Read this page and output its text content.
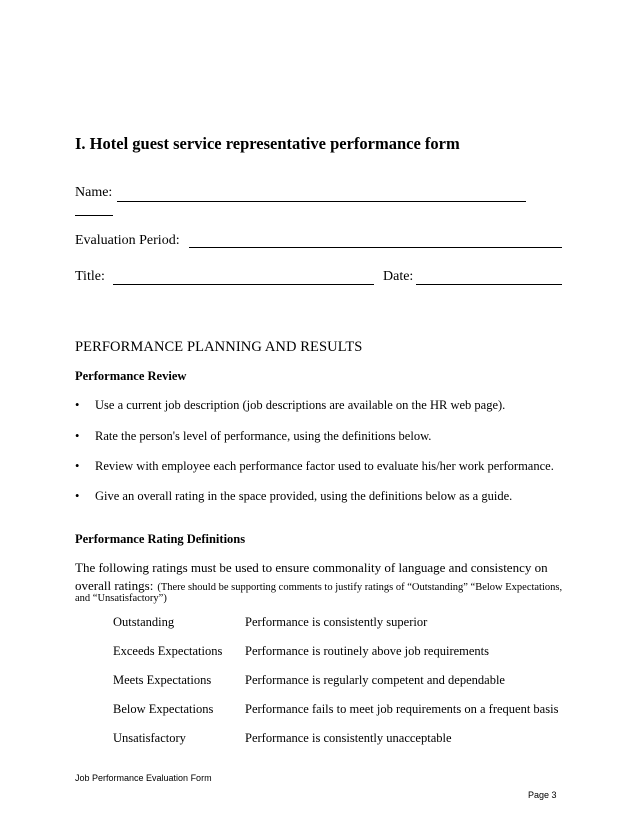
I. Hotel guest service representative performance form
Name:
Evaluation Period:
Title:	Date:
PERFORMANCE PLANNING AND RESULTS
Performance Review
• Use a current job description (job descriptions are available on the HR web page).
• Rate the person's level of performance, using the definitions below.
• Review with employee each performance factor used to evaluate his/her work performance.
• Give an overall rating in the space provided, using the definitions below as a guide.
Performance Rating Definitions
The following ratings must be used to ensure commonality of language and consistency on
overall ratings: (There should be supporting comments to justify ratings of “Outstanding” “Below Expectations,
and “Unsatisfactory”)
Outstanding	Performance is consistently superior
Exceeds Expectations Performance is routinely above job requirements
Meets Expectations	Performance is regularly competent and dependable
Below Expectations	Performance fails to meet job requirements on a frequent basis
Unsatisfactory	Performance is consistently unacceptable
Job Performance Evaluation Form
Page 3
